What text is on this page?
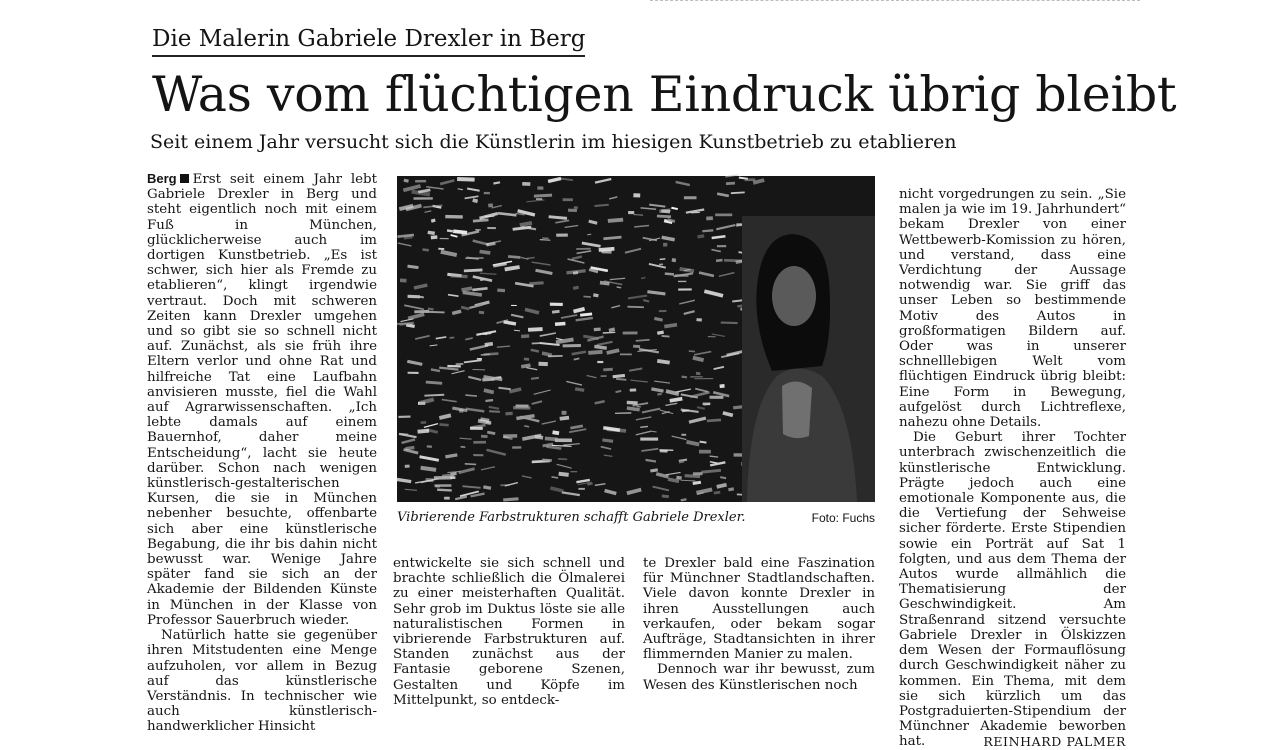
Die Malerin Gabriele Drexler in Berg
Was vom flüchtigen Eindruck übrig bleibt
Seit einem Jahr versucht sich die Künstlerin im hiesigen Kunstbetrieb zu etablieren

Berg Erst seit einem Jahr lebt Gabriele Drexler in Berg und steht eigentlich noch mit einem Fuß in München, glücklicherweise auch im dortigen Kunstbetrieb. „Es ist schwer, sich hier als Fremde zu etablieren“, klingt irgendwie vertraut. Doch mit schweren Zeiten kann Drexler umgehen und so gibt sie so schnell nicht auf. Zunächst, als sie früh ihre Eltern verlor und ohne Rat und hilfreiche Tat eine Laufbahn anvisieren musste, fiel die Wahl auf Agrarwissenschaften. „Ich lebte damals auf einem Bauernhof, daher meine Entscheidung“, lacht sie heute darüber. Schon nach wenigen künstlerisch-gestalterischen Kursen, die sie in München nebenher besuchte, offenbarte sich aber eine künstlerische Begabung, die ihr bis dahin nicht bewusst war. Wenige Jahre später fand sie sich an der Akademie der Bildenden Künste in München in der Klasse von Professor Sauerbruch wieder.

Natürlich hatte sie gegenüber ihren Mitstudenten eine Menge aufzuholen, vor allem in Bezug auf das künstlerische Verständnis. In technischer wie auch künstlerisch-handwerklicher Hinsicht

Vibrierende Farbstrukturen schafft Gabriele Drexler.	Foto: Fuchs

entwickelte sie sich schnell und brachte schließlich die Ölmalerei zu einer meisterhaften Qualität. Sehr grob im Duktus löste sie alle naturalistischen Formen in vibrierende Farbstrukturen auf. Standen zunächst aus der Fantasie geborene Szenen, Gestalten und Köpfe im Mittelpunkt, so entdeck-

te Drexler bald eine Faszination für Münchner Stadtlandschaften. Viele davon konnte Drexler in ihren Ausstellungen auch verkaufen, oder bekam sogar Aufträge, Stadtansichten in ihrer flimmernden Manier zu malen.

Dennoch war ihr bewusst, zum Wesen des Künstlerischen noch

nicht vorgedrungen zu sein. „Sie malen ja wie im 19. Jahrhundert“ bekam Drexler von einer Wettbewerb-Komission zu hören, und verstand, dass eine Verdichtung der Aussage notwendig war. Sie griff das unser Leben so bestimmende Motiv des Autos in großformatigen Bildern auf. Oder was in unserer schnelllebigen Welt vom flüchtigen Eindruck übrig bleibt: Eine Form in Bewegung, aufgelöst durch Lichtreflexe, nahezu ohne Details.

Die Geburt ihrer Tochter unterbrach zwischenzeitlich die künstlerische Entwicklung. Prägte jedoch auch eine emotionale Komponente aus, die die Vertiefung der Sehweise sicher förderte. Erste Stipendien sowie ein Porträt auf Sat 1 folgten, und aus dem Thema der Autos wurde allmählich die Thematisierung der Geschwindigkeit. Am Straßenrand sitzend versuchte Gabriele Drexler in Ölskizzen dem Wesen der Formauflösung durch Geschwindigkeit näher zu kommen. Ein Thema, mit dem sie sich kürzlich um das Postgraduierten-Stipendium der Münchner Akademie beworben hat.	REINHARD PALMER
